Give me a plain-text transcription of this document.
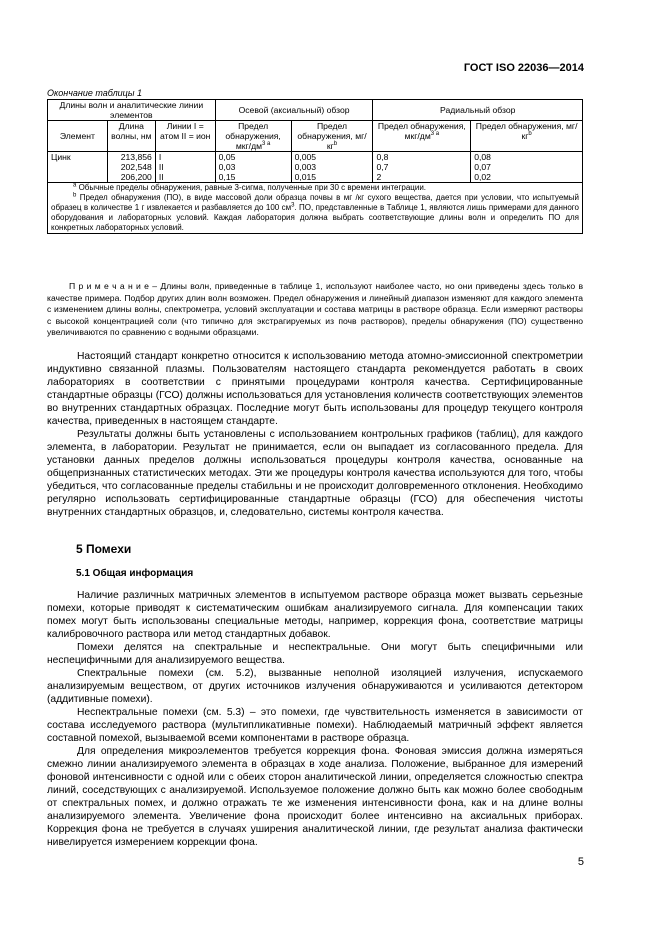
ГОСТ ISO 22036—2014
Окончание таблицы 1
Длины волн и аналитические линии элементов			Осевой (аксиальный) обзор		Радиальный обзор	
Элемент	Длина волны, нм	Линии I = атом II = ион	Предел обнаружения, мкг/$дм^{3 а}$	Предел обнаружения, $мг/кг^b$	Предел обнаружения, мкг/$дм^{3 а}$	Предел обнаружения, $мг/кг^b$
Цинк	213,856	I	0,05	0,005	0,8	0,08
	202,548	II	0,03	0,003	0,7	0,07
	206,200	II	0,15	0,015	2	0,02

$^a$ Обычные пределы обнаружения, равные 3-сигма, полученные при 30 с времени интеграции.

$^b$ Предел обнаружения (ПО), в виде массовой доли образца почвы в мг /кг сухого вещества, дается при условии, что испытуемый образец в количестве 1 г извлекается и разбавляется до 100 $см^3$. ПО, представленные в Таблице 1, являются лишь примерами для данного оборудования и лабораторных условий. Каждая лаборатория должна выбрать соответствующие длины волн и определить ПО для конкретных лабораторных условий.						

П р и м е ч а н и е – Длины волн, приведенные в таблице 1, используют наиболее часто, но они приведены здесь только в качестве примера. Подбор других длин волн возможен. Предел обнаружения и линейный диапазон изменяют для каждого элемента с изменением длины волны, спектрометра, условий эксплуатации и состава матрицы в растворе образца. Если измеряют растворы с высокой концентрацией соли (что типично для экстрагируемых из почв растворов), пределы обнаружения (ПО) существенно увеличиваются по сравнению с водными образцами.

Настоящий стандарт конкретно относится к использованию метода атомно-эмиссионной спектрометрии индуктивно связанной плазмы. Пользователям настоящего стандарта рекомендуется работать в своих лабораториях в соответствии с принятыми процедурами контроля качества. Сертифицированные стандартные образцы (ГСО) должны использоваться для установления количеств соответствующих элементов во внутренних стандартных образцах. Последние могут быть использованы для процедур текущего контроля качества, приведенных в настоящем стандарте.

Результаты должны быть установлены с использованием контрольных графиков (таблиц), для каждого элемента, в лаборатории. Результат не принимается, если он выпадает из согласованного предела. Для установки данных пределов должны использоваться процедуры контроля качества, основанные на общепризнанных статистических методах. Эти же процедуры контроля качества используются для того, чтобы убедиться, что согласованные пределы стабильны и не происходит долговременного отклонения. Необходимо регулярно использовать сертифицированные стандартные образцы (ГСО) для обеспечения чистоты внутренних стандартных образцов, и, следовательно, системы контроля качества.

5 Помехи
5.1 Общая информация

Наличие различных матричных элементов в испытуемом растворе образца может вызвать серьезные помехи, которые приводят к систематическим ошибкам анализируемого сигнала. Для компенсации таких помех могут быть использованы специальные методы, например, коррекция фона, соответствие матрицы калибровочного раствора или метод стандартных добавок.

Помехи делятся на спектральные и неспектральные. Они могут быть специфичными или неспецифичными для анализируемого вещества.

Спектральные помехи (см. 5.2), вызванные неполной изоляцией излучения, испускаемого анализируемым веществом, от других источников излучения обнаруживаются и усиливаются детектором (аддитивные помехи).

Неспектральные помехи (см. 5.3) – это помехи, где чувствительность изменяется в зависимости от состава исследуемого раствора (мультипликативные помехи). Наблюдаемый матричный эффект является составной помехой, вызываемой всеми компонентами в растворе образца.

Для определения микроэлементов требуется коррекция фона. Фоновая эмиссия должна измеряться смежно линии анализируемого элемента в образцах в ходе анализа. Положение, выбранное для измерений фоновой интенсивности с одной или с обеих сторон аналитической линии, определяется сложностью спектра линий, соседствующих с анализируемой. Используемое положение должно быть как можно более свободным от спектральных помех, и должно отражать те же изменения интенсивности фона, как и на длине волны анализируемого элемента. Увеличение фона происходит более интенсивно на аксиальных приборах. Коррекция фона не требуется в случаях уширения аналитической линии, где результат анализа фактически нивелируется измерением коррекции фона.

5
